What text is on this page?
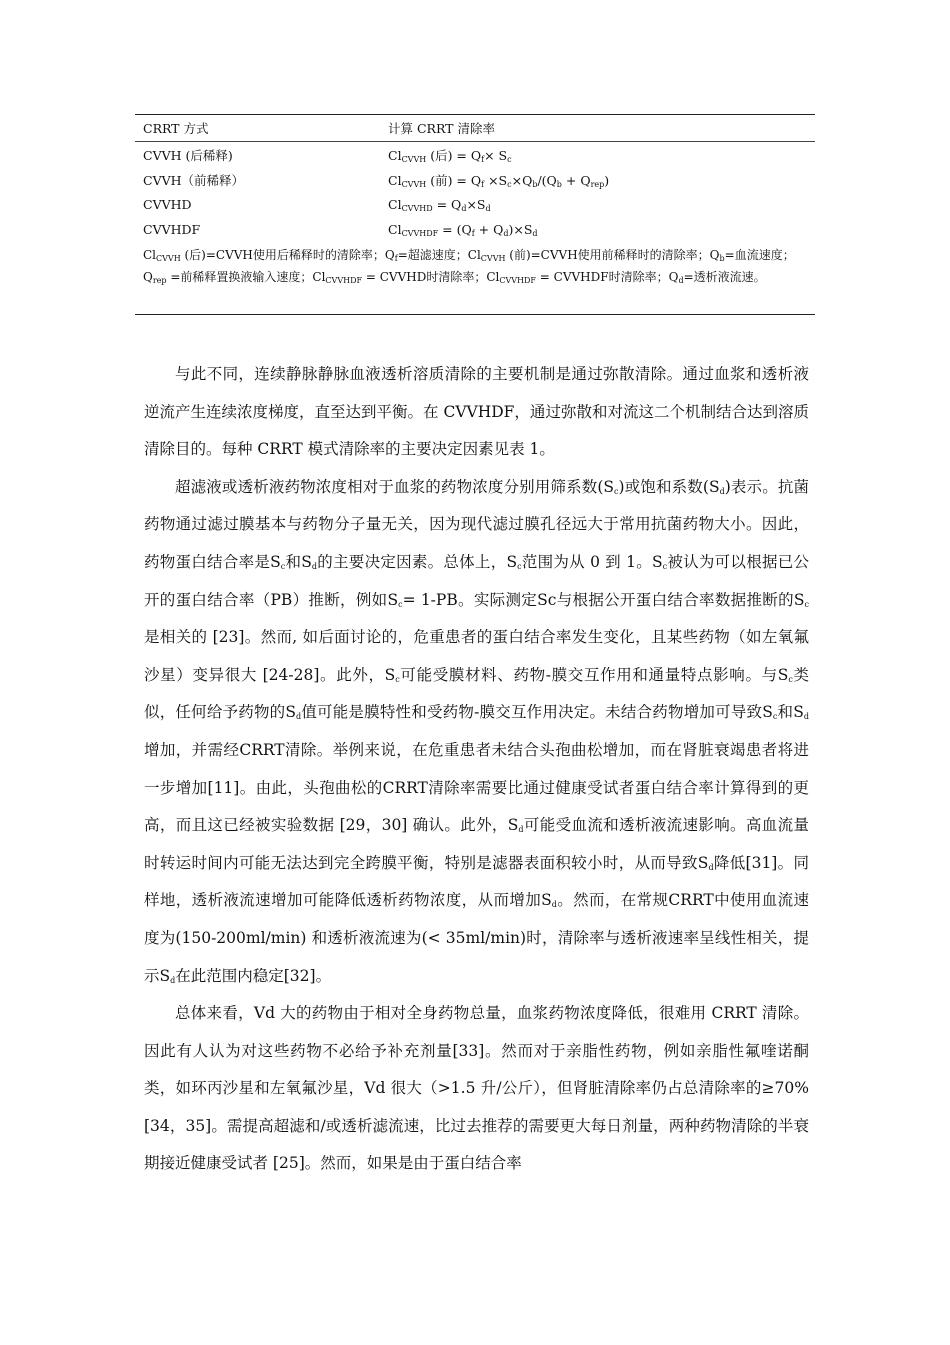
CRRT 方式	计算 CRRT 清除率
CVVH (后稀释)	$Cl_{CVVH}$ (后) = $Q_f\times S_c$
CVVH（前稀释）	$Cl_{CVVH}$ (前) = $Q_f \times S_c\times Q_b/(Q_b + Q_{rep})$
CVVHD	$Cl_{CVVHD} = Q_d\times S_d$
CVVHDF	$Cl_{CVVHDF} = (Q_f + Q_d)\times S_d$
$Cl_{CVVH}$ (后)=CVVH使用后稀释时的清除率；$Q_f=$超滤速度；$Cl_{CVVH}$ (前)=CVVH使用前稀释时的清除率；$Q_b=$血流速度；$Q_{rep}$ =前稀释置换液输入速度；$Cl_{CVVHDF}$ = CVVHD时清除率；$Cl_{CVVHDF}$ = CVVHDF时清除率；$Q_d=$透析液流速。

与此不同，连续静脉静脉血液透析溶质清除的主要机制是通过弥散清除。通过血浆和透析液逆流产生连续浓度梯度，直至达到平衡。在 CVVHDF，通过弥散和对流这二个机制结合达到溶质清除目的。每种 CRRT 模式清除率的主要决定因素见表 1。

超滤液或透析液药物浓度相对于血浆的药物浓度分别用筛系数$(S_c)$或饱和系数$(S_d)$表示。抗菌药物通过滤过膜基本与药物分子量无关，因为现代滤过膜孔径远大于常用抗菌药物大小。因此，药物蛋白结合率是$S_c$和$S_d$的主要决定因素。总体上，$S_c$范围为从 0 到 1。$S_c$被认为可以根据已公开的蛋白结合率（PB）推断，例如$S_c= 1-PB$。实际测定Sc与根据公开蛋白结合率数据推断的$S_c$是相关的 [23]。然而, 如后面讨论的，危重患者的蛋白结合率发生变化，且某些药物（如左氧氟沙星）变异很大 [24-28]。此外，$S_c$可能受膜材料、药物-膜交互作用和通量特点影响。与$S_c$类似，任何给予药物的$S_d$值可能是膜特性和受药物-膜交互作用决定。未结合药物增加可导致$S_c$和$S_d$增加，并需经CRRT清除。举例来说，在危重患者未结合头孢曲松增加，而在肾脏衰竭患者将进一步增加[11]。由此，头孢曲松的CRRT清除率需要比通过健康受试者蛋白结合率计算得到的更高，而且这已经被实验数据 [29，30] 确认。此外，$S_d$可能受血流和透析液流速影响。高血流量时转运时间内可能无法达到完全跨膜平衡，特别是滤器表面积较小时，从而导致$S_d$降低[31]。同样地，透析液流速增加可能降低透析药物浓度，从而增加$S_d$。然而，在常规CRRT中使用血流速度为(150-200ml/min) 和透析液流速为(< 35ml/min)时，清除率与透析液速率呈线性相关，提示$S_d$在此范围内稳定[32]。

总体来看，Vd 大的药物由于相对全身药物总量，血浆药物浓度降低，很难用 CRRT 清除。因此有人认为对这些药物不必给予补充剂量[33]。然而对于亲脂性药物，例如亲脂性氟喹诺酮类，如环丙沙星和左氧氟沙星，Vd 很大（>1.5 升/公斤），但肾脏清除率仍占总清除率的≥70% [34，35]。需提高超滤和/或透析滤流速，比过去推荐的需要更大每日剂量，两种药物清除的半衰期接近健康受试者 [25]。然而，如果是由于蛋白结合率
